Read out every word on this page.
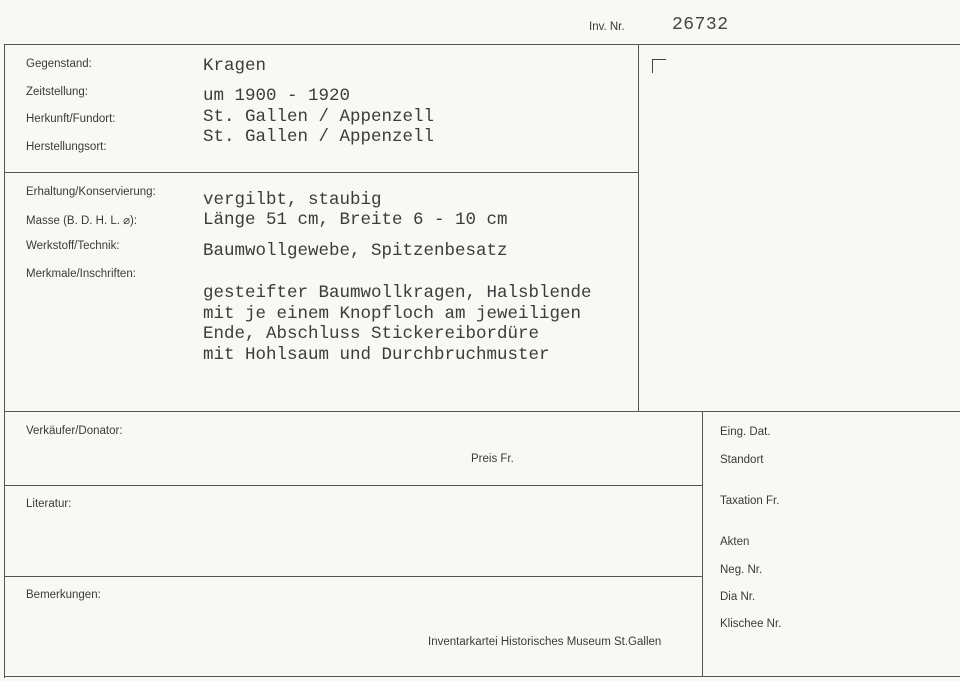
Inv. Nr.	26732
Gegenstand:	Kragen
Zeitstellung:	um 1900 - 1920
Herkunft/Fundort:	St. Gallen / Appenzell
Herstellungsort:	St. Gallen / Appenzell
Erhaltung/Konservierung:	vergilbt, staubig
Masse (B. D. H. L. ⌀):	Länge 51 cm, Breite 6 - 10 cm
Werkstoff/Technik:	Baumwollgewebe, Spitzenbesatz
Merkmale/Inschriften:
gesteifter Baumwollkragen, Halsblende
mit je einem Knopfloch am jeweiligen
Ende, Abschluss Stickereibordüre
mit Hohlsaum und Durchbruchmuster
Verkäufer/Donator:
Preis Fr.
Literatur:
Bemerkungen:
Inventarkartei Historisches Museum St.Gallen
Eing. Dat.
Standort
Taxation Fr.
Akten
Neg. Nr.
Dia Nr.
Klischee Nr.
